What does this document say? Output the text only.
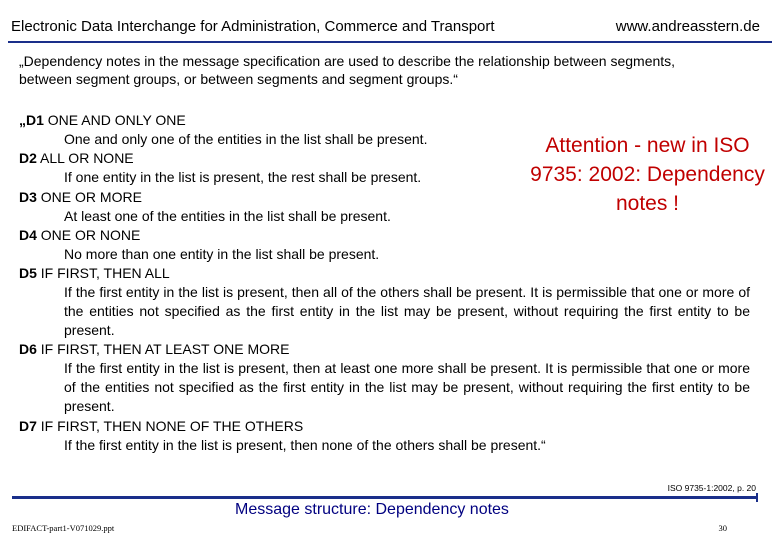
Electronic Data Interchange for Administration, Commerce and Transport	www.andreasstern.de
„Dependency notes in the message specification are used to describe the relationship between segments, between segment groups, or between segments and segment groups.“
„D1 ONE AND ONLY ONE
One and only one of the entities in the list shall be present.
D2 ALL OR NONE
If one entity in the list is present, the rest shall be present.
D3 ONE OR MORE
At least one of the entities in the list shall be present.
D4 ONE OR NONE
No more than one entity in the list shall be present.
D5 IF FIRST, THEN ALL
If the first entity in the list is present, then all of the others shall be present. It is permissible that one or more of the entities not specified as the first entity in the list may be present, without requiring the first entity to be present.
D6 IF FIRST, THEN AT LEAST ONE MORE
If the first entity in the list is present, then at least one more shall be present. It is permissible that one or more of the entities not specified as the first entity in the list may be present, without requiring the first entity to be present.
D7 IF FIRST, THEN NONE OF THE OTHERS
If the first entity in the list is present, then none of the others shall be present.“
Attention - new in ISO 9735: 2002: Dependency notes !
ISO 9735-1:2002, p. 20
Message structure: Dependency notes
EDIFACT-part1-V071029.ppt	30
